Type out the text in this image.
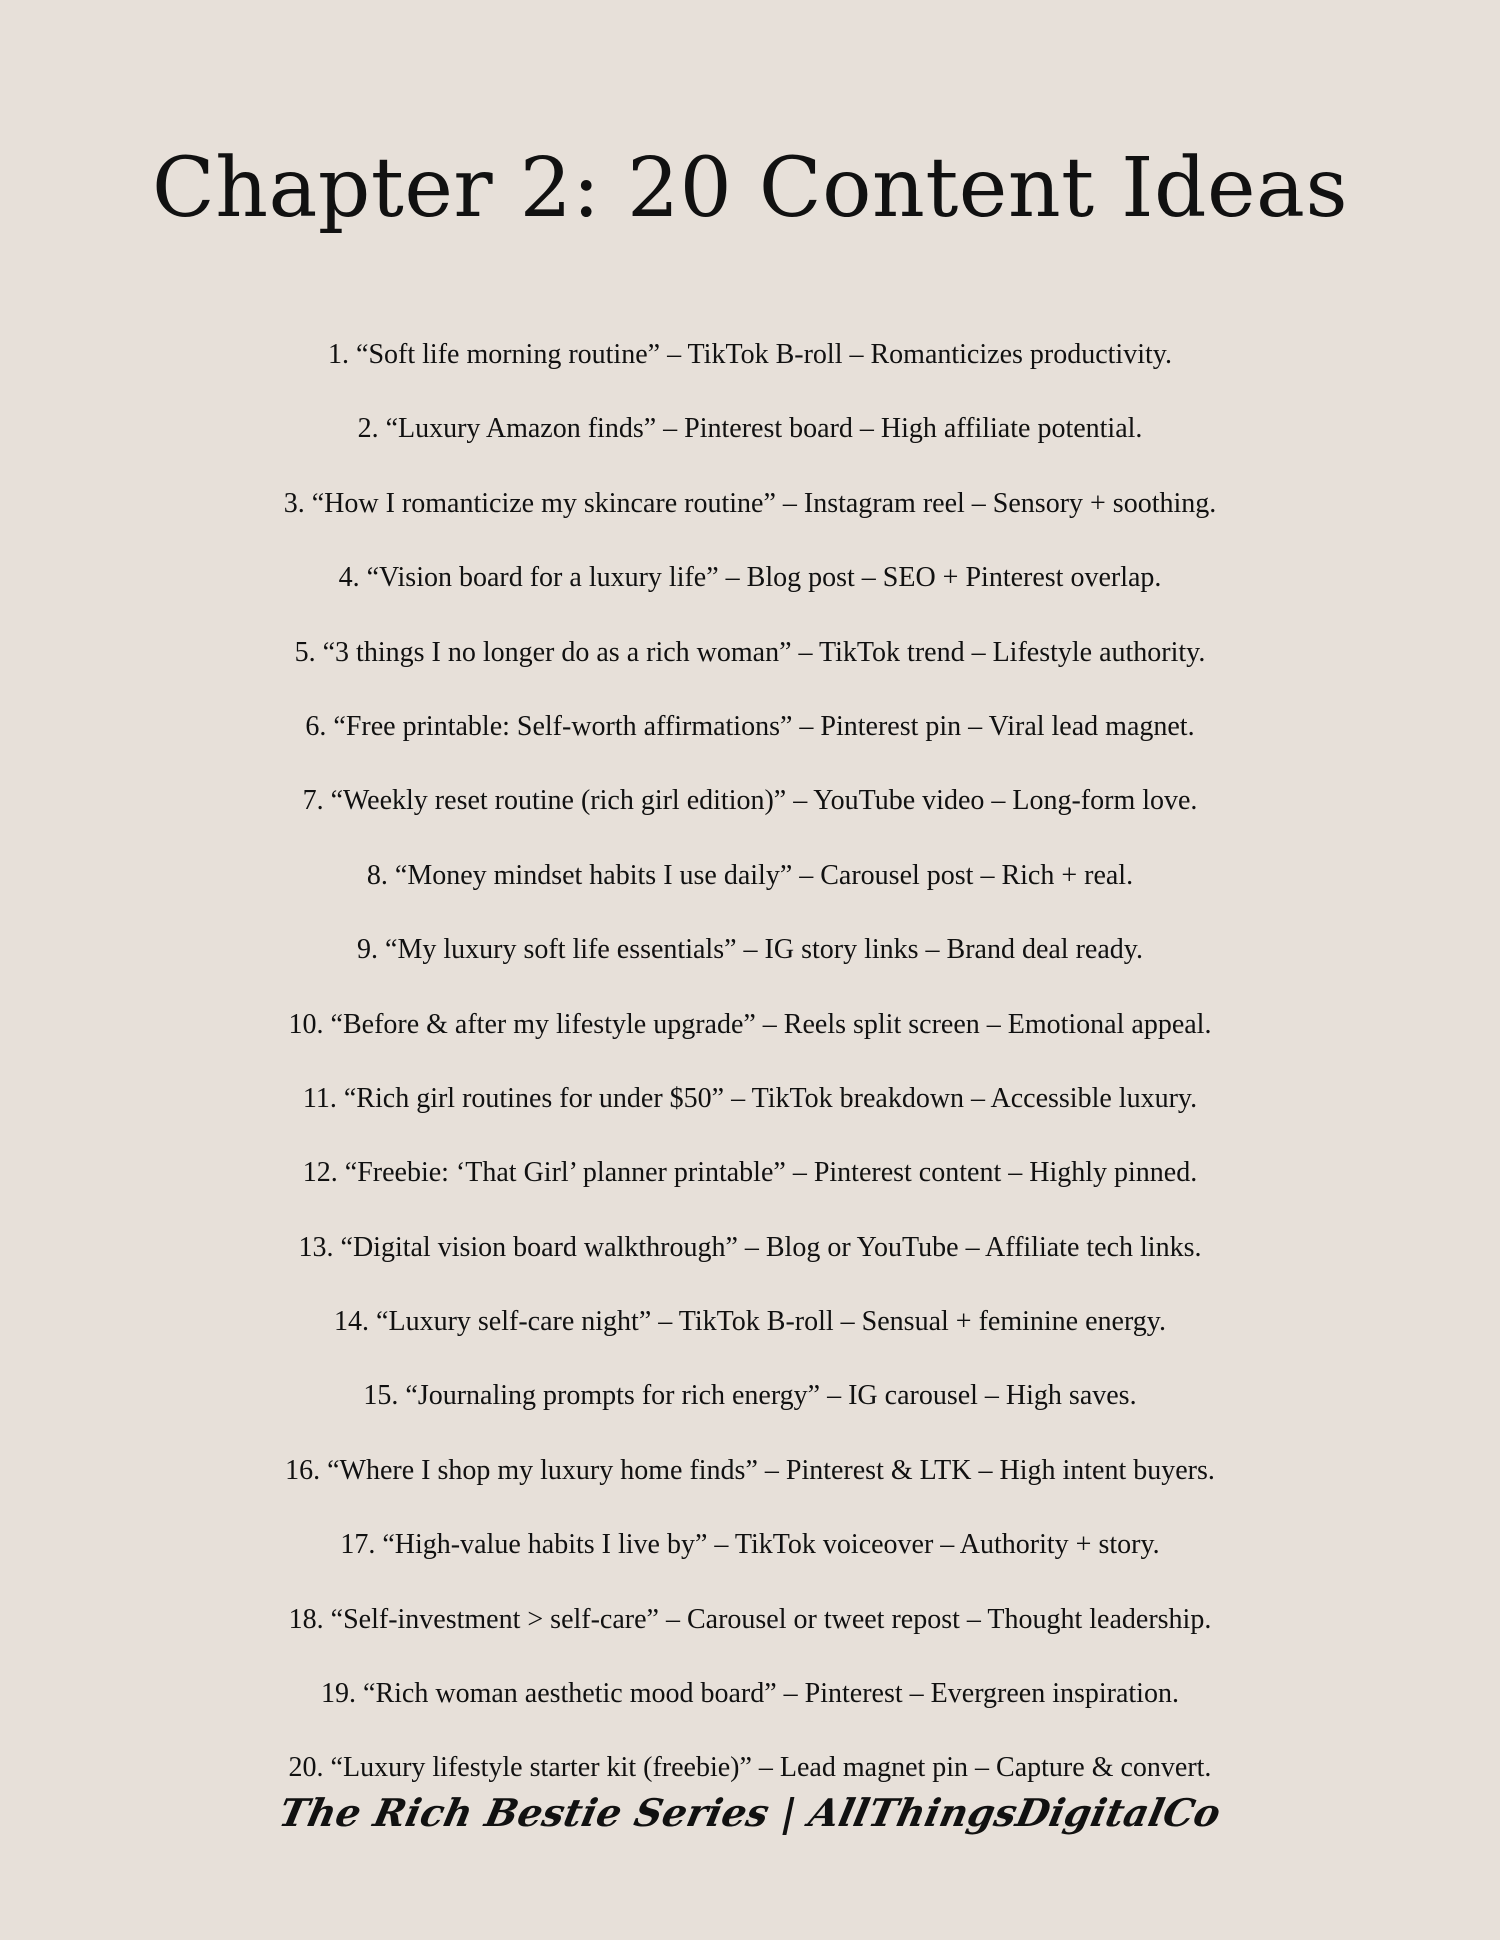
Chapter 2: 20 Content Ideas
1. “Soft life morning routine” – TikTok B-roll – Romanticizes productivity.
2. “Luxury Amazon finds” – Pinterest board – High affiliate potential.
3. “How I romanticize my skincare routine” – Instagram reel – Sensory + soothing.
4. “Vision board for a luxury life” – Blog post – SEO + Pinterest overlap.
5. “3 things I no longer do as a rich woman” – TikTok trend – Lifestyle authority.
6. “Free printable: Self-worth affirmations” – Pinterest pin – Viral lead magnet.
7. “Weekly reset routine (rich girl edition)” – YouTube video – Long-form love.
8. “Money mindset habits I use daily” – Carousel post – Rich + real.
9. “My luxury soft life essentials” – IG story links – Brand deal ready.
10. “Before & after my lifestyle upgrade” – Reels split screen – Emotional appeal.
11. “Rich girl routines for under $50” – TikTok breakdown – Accessible luxury.
12. “Freebie: ‘That Girl’ planner printable” – Pinterest content – Highly pinned.
13. “Digital vision board walkthrough” – Blog or YouTube – Affiliate tech links.
14. “Luxury self-care night” – TikTok B-roll – Sensual + feminine energy.
15. “Journaling prompts for rich energy” – IG carousel – High saves.
16. “Where I shop my luxury home finds” – Pinterest & LTK – High intent buyers.
17. “High-value habits I live by” – TikTok voiceover – Authority + story.
18. “Self-investment > self-care” – Carousel or tweet repost – Thought leadership.
19. “Rich woman aesthetic mood board” – Pinterest – Evergreen inspiration.
20. “Luxury lifestyle starter kit (freebie)” – Lead magnet pin – Capture & convert.
The Rich Bestie Series | AllThingsDigitalCo
